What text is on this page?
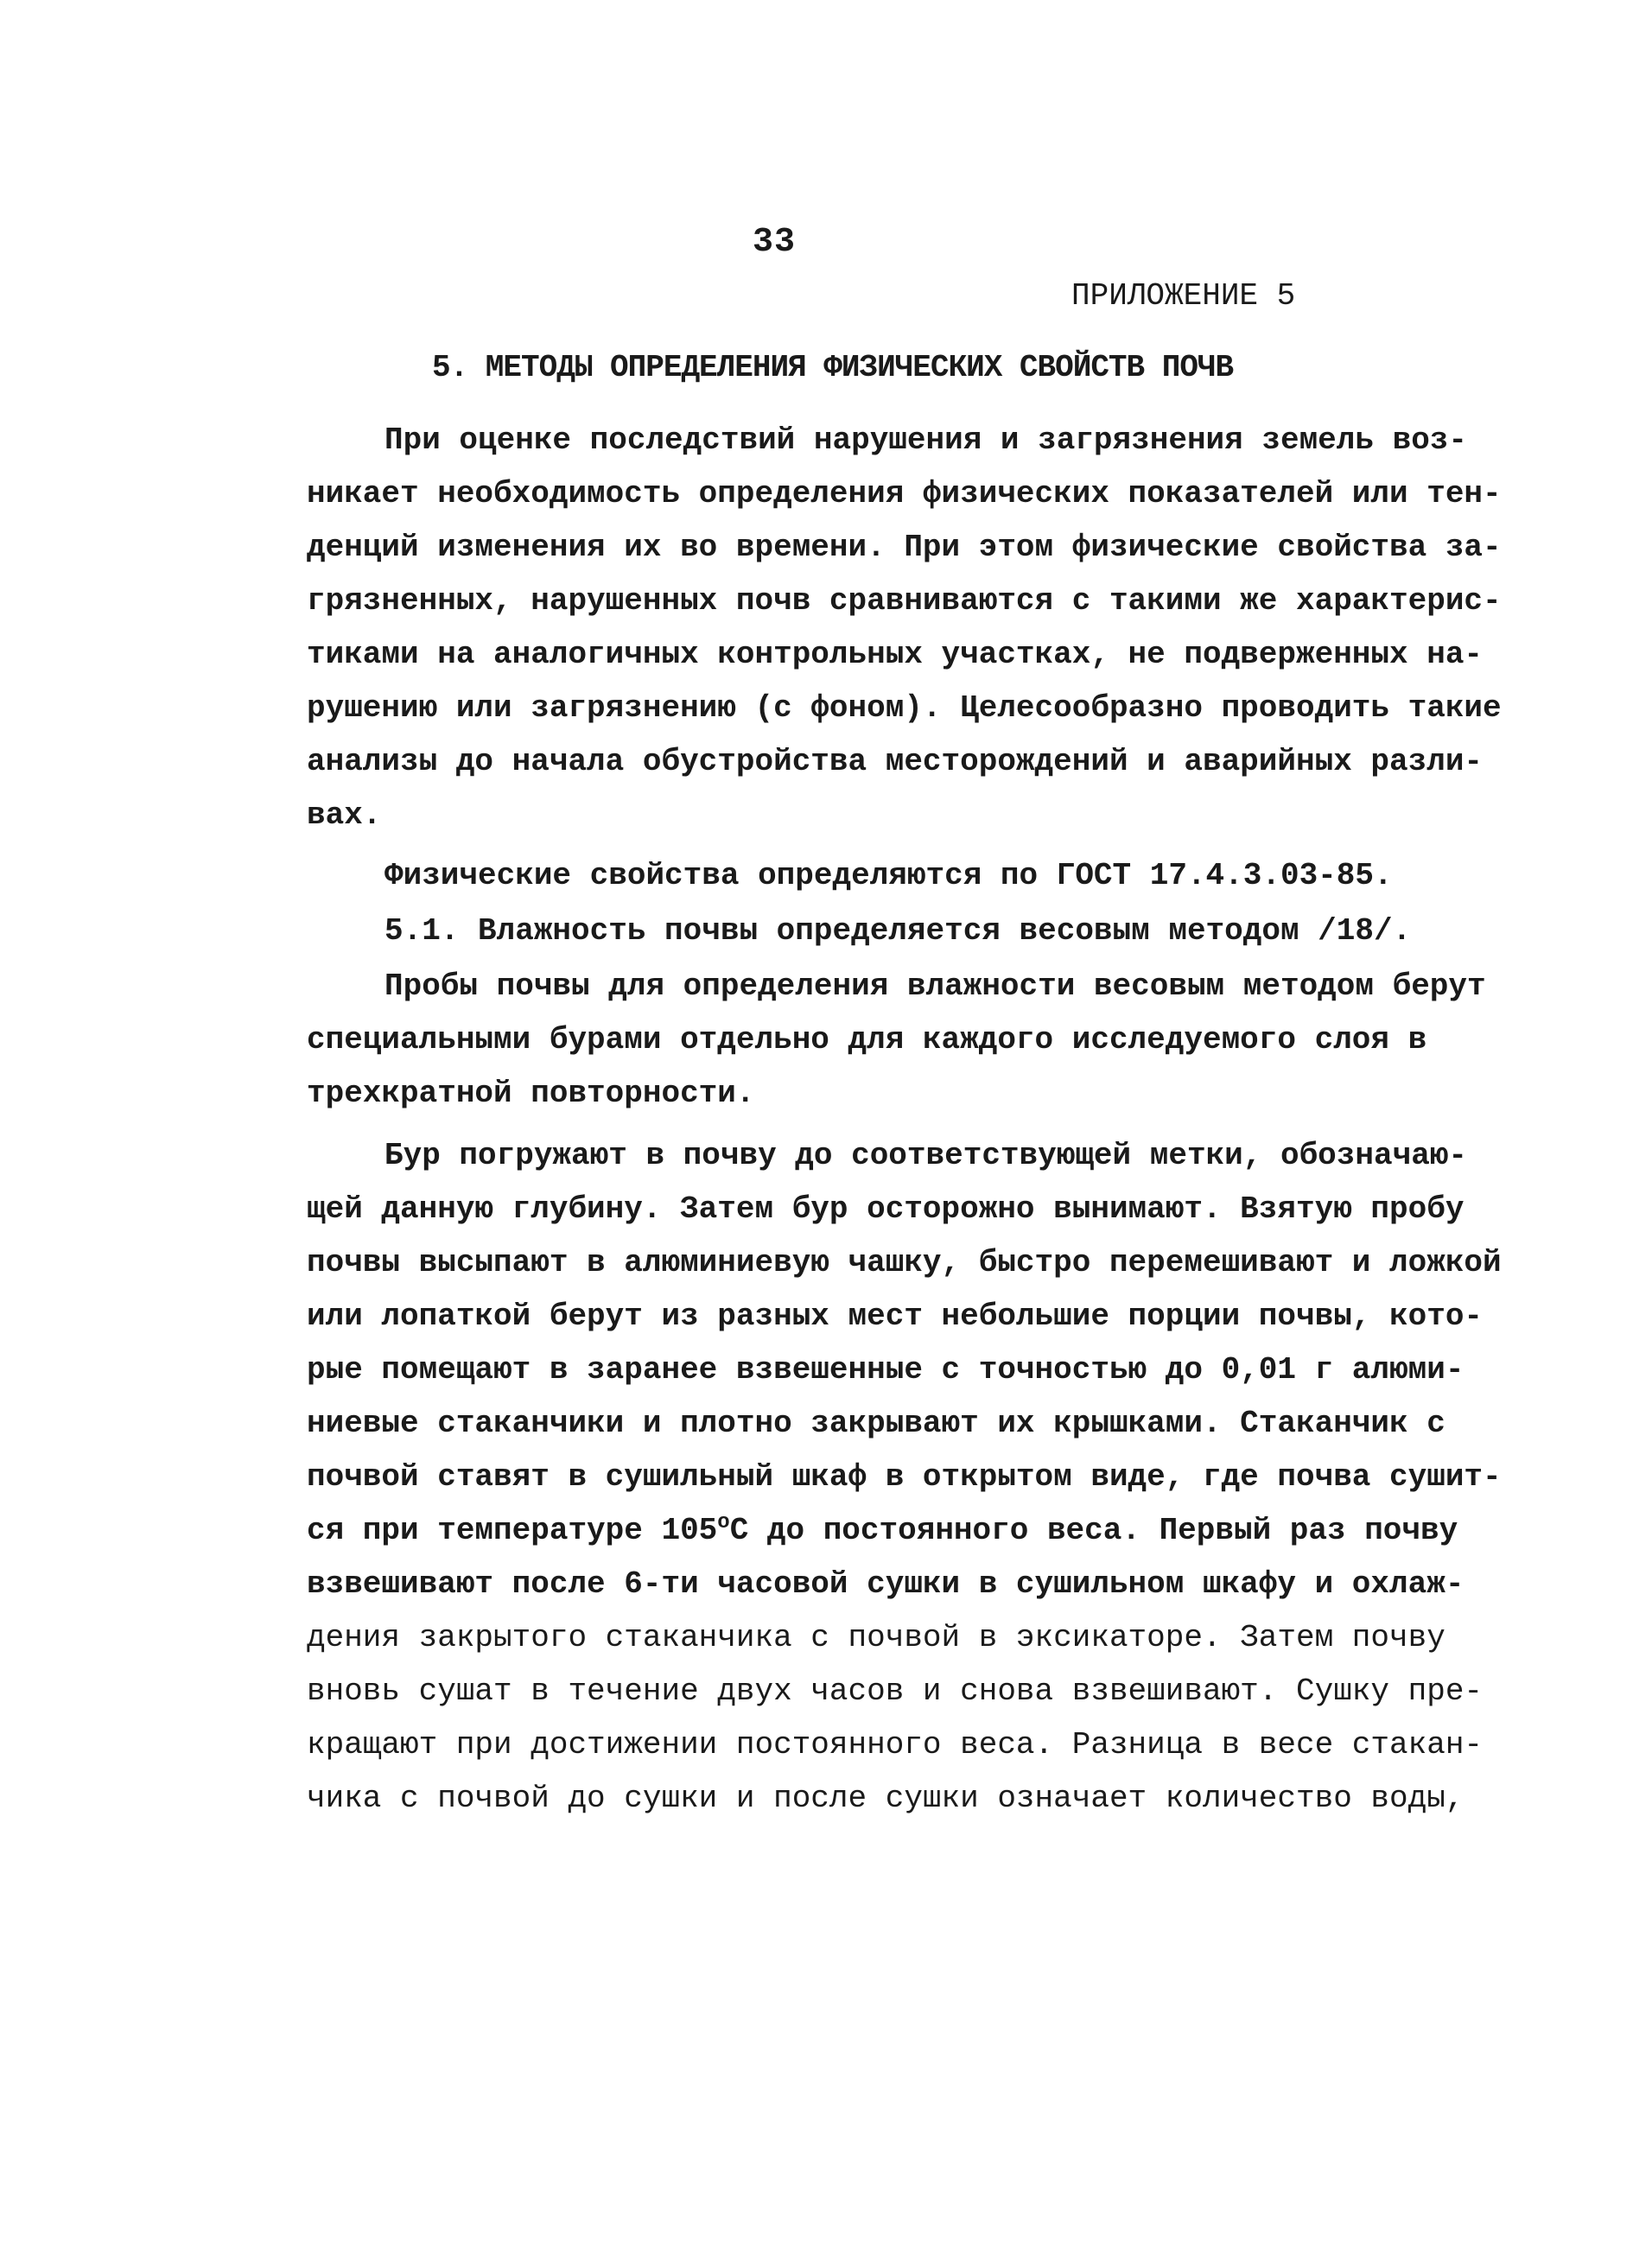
33
ПРИЛОЖЕНИЕ 5
5. МЕТОДЫ ОПРЕДЕЛЕНИЯ ФИЗИЧЕСКИХ СВОЙСТВ ПОЧВ
При оценке последствий нарушения и загрязнения земель воз-
никает необходимость определения физических показателей или тен-
денций изменения их во времени. При этом физические свойства за-
грязненных, нарушенных почв сравниваются с такими же характерис-
тиками на аналогичных контрольных участках, не подверженных на-
рушению или загрязнению (с фоном). Целесообразно проводить такие
анализы до начала обустройства месторождений и аварийных разли-
вах.
Физические свойства определяются по ГОСТ 17.4.3.03-85.
5.1. Влажность почвы определяется весовым методом /18/.
Пробы почвы для определения влажности весовым методом берут
специальными бурами отдельно для каждого исследуемого слоя в
трехкратной повторности.
Бур погружают в почву до соответствующей метки, обозначаю-
щей данную глубину. Затем бур осторожно вынимают. Взятую пробу
почвы высыпают в алюминиевую чашку, быстро перемешивают и ложкой
или лопаткой берут из разных мест небольшие порции почвы, кото-
рые помещают в заранее взвешенные с точностью до 0,01 г алюми-
ниевые стаканчики и плотно закрывают их крышками. Стаканчик с
почвой ставят в сушильный шкаф в открытом виде, где почва сушит-
ся при температуре $105^оС$ до постоянного веса. Первый раз почву
взвешивают после 6-ти часовой сушки в сушильном шкафу и охлаж-
дения закрытого стаканчика с почвой в эксикаторе. Затем почву
вновь сушат в течение двух часов и снова взвешивают. Сушку пре-
кращают при достижении постоянного веса. Разница в весе стакан-
чика с почвой до сушки и после сушки означает количество воды,
